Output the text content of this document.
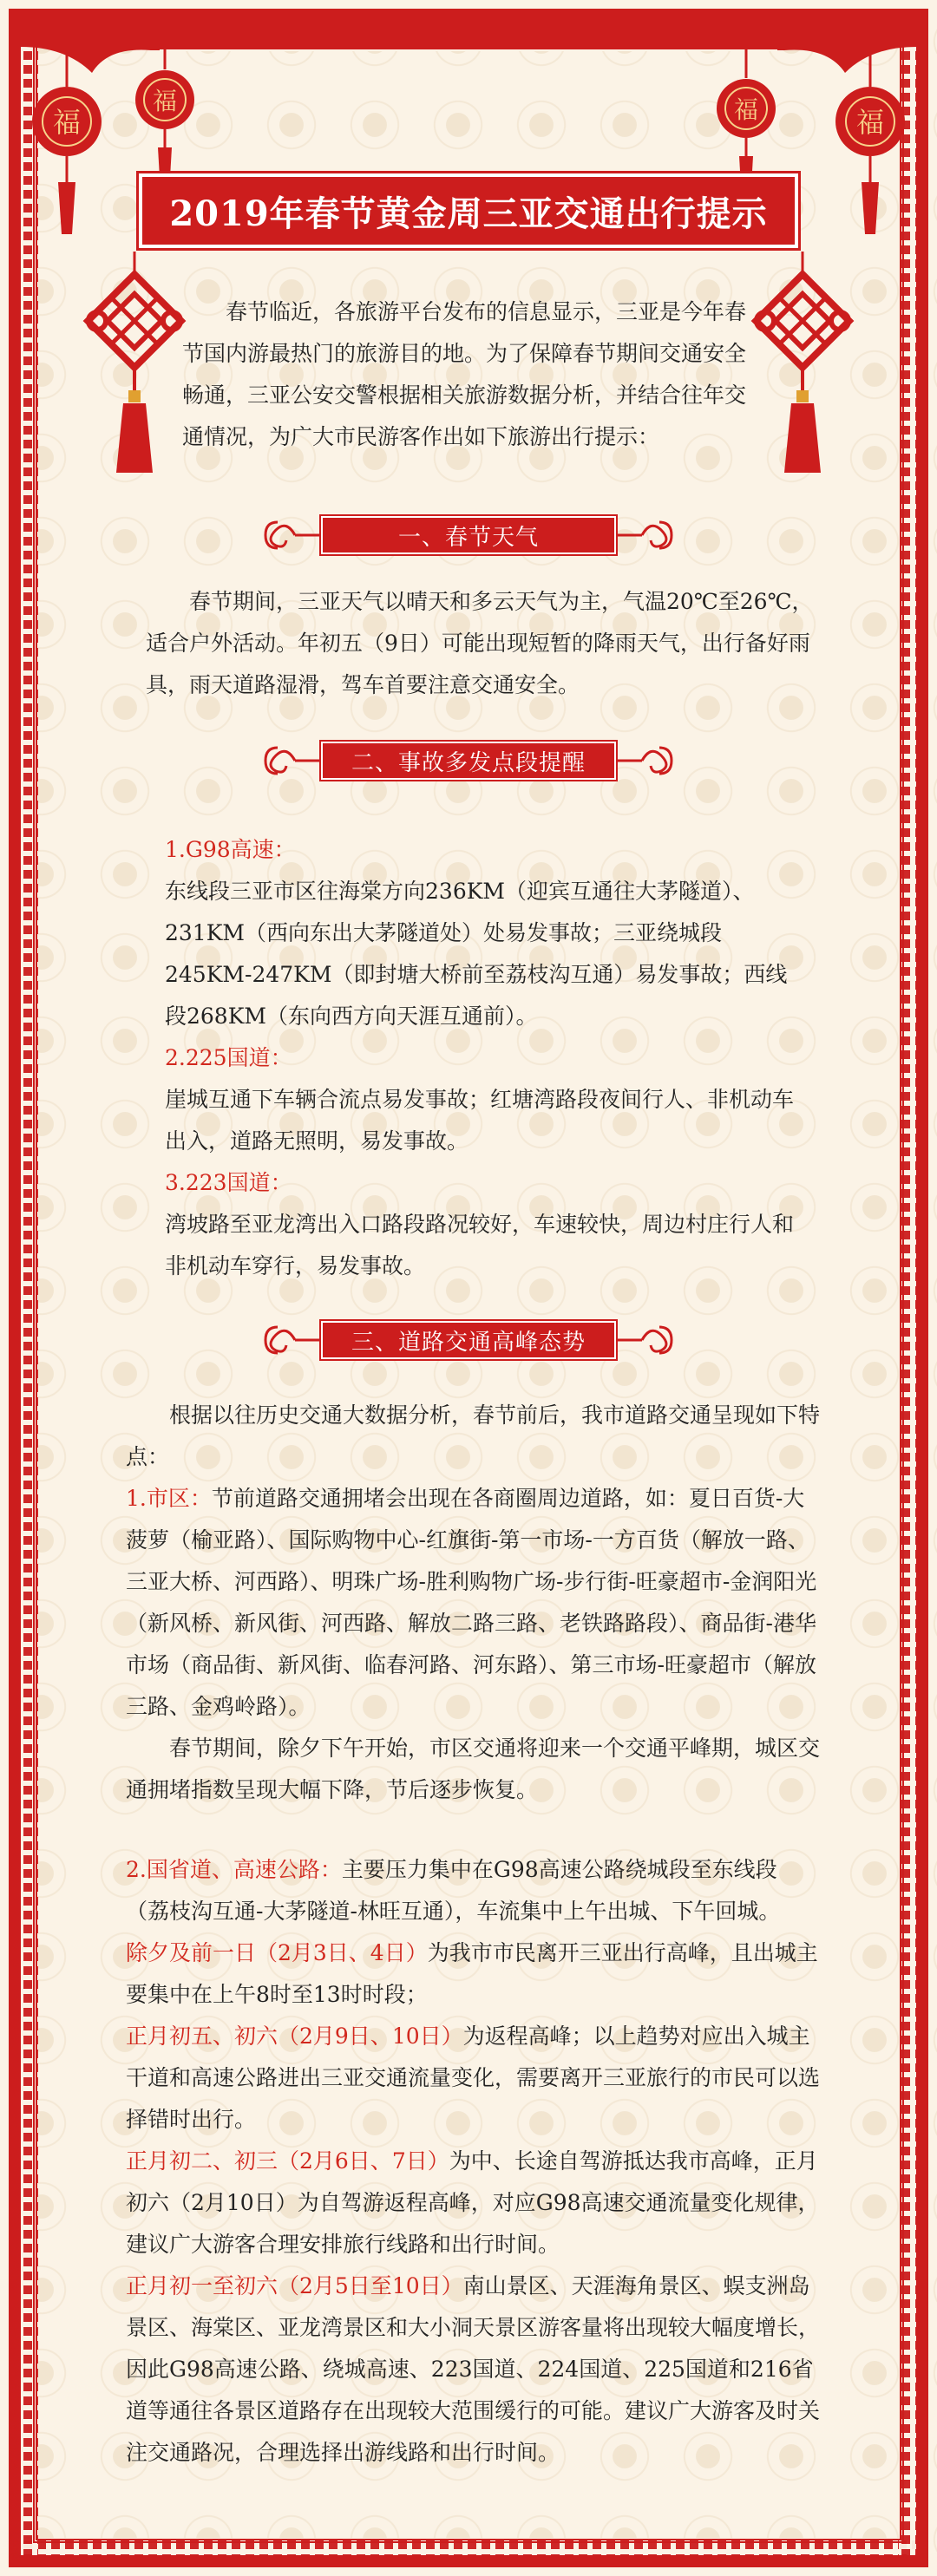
福
福	福	福
2019年春节黄金周三亚交通出行提示

春节临近，各旅游平台发布的信息显示，三亚是今年春节国内游最热门的旅游目的地。为了保障春节期间交通安全畅通，三亚公安交警根据相关旅游数据分析，并结合往年交通情况，为广大市民游客作出如下旅游出行提示：

一、春节天气

春节期间，三亚天气以晴天和多云天气为主，气温20℃至26℃，适合户外活动。年初五（9日）可能出现短暂的降雨天气，出行备好雨具，雨天道路湿滑，驾车首要注意交通安全。

二、事故多发点段提醒

1.G98高速：

东线段三亚市区往海棠方向236KM（迎宾互通往大茅隧道）、231KM（西向东出大茅隧道处）处易发事故；三亚绕城段245KM-247KM（即封塘大桥前至荔枝沟互通）易发事故；西线段268KM（东向西方向天涯互通前）。

2.225国道：

崖城互通下车辆合流点易发事故；红塘湾路段夜间行人、非机动车出入，道路无照明，易发事故。

3.223国道：

湾坡路至亚龙湾出入口路段路况较好，车速较快，周边村庄行人和非机动车穿行，易发事故。

三、道路交通高峰态势

根据以往历史交通大数据分析，春节前后，我市道路交通呈现如下特点：

1.市区：节前道路交通拥堵会出现在各商圈周边道路，如：夏日百货-大菠萝（榆亚路）、国际购物中心-红旗街-第一市场-一方百货（解放一路、三亚大桥、河西路）、明珠广场-胜利购物广场-步行街-旺豪超市-金润阳光（新风桥、新风街、河西路、解放二路三路、老铁路路段）、商品街-港华市场（商品街、新风街、临春河路、河东路）、第三市场-旺豪超市（解放三路、金鸡岭路）。

春节期间，除夕下午开始，市区交通将迎来一个交通平峰期，城区交通拥堵指数呈现大幅下降，节后逐步恢复。

2.国省道、高速公路：主要压力集中在G98高速公路绕城段至东线段（荔枝沟互通-大茅隧道-林旺互通），车流集中上午出城、下午回城。

除夕及前一日（2月3日、4日）为我市市民离开三亚出行高峰，且出城主要集中在上午8时至13时时段；

正月初五、初六（2月9日、10日）为返程高峰；以上趋势对应出入城主干道和高速公路进出三亚交通流量变化，需要离开三亚旅行的市民可以选择错时出行。

正月初二、初三（2月6日、7日）为中、长途自驾游抵达我市高峰，正月初六（2月10日）为自驾游返程高峰，对应G98高速交通流量变化规律，建议广大游客合理安排旅行线路和出行时间。

正月初一至初六（2月5日至10日）南山景区、天涯海角景区、蜈支洲岛景区、海棠区、亚龙湾景区和大小洞天景区游客量将出现较大幅度增长，因此G98高速公路、绕城高速、223国道、224国道、225国道和216省道等通往各景区道路存在出现较大范围缓行的可能。建议广大游客及时关注交通路况，合理选择出游线路和出行时间。
